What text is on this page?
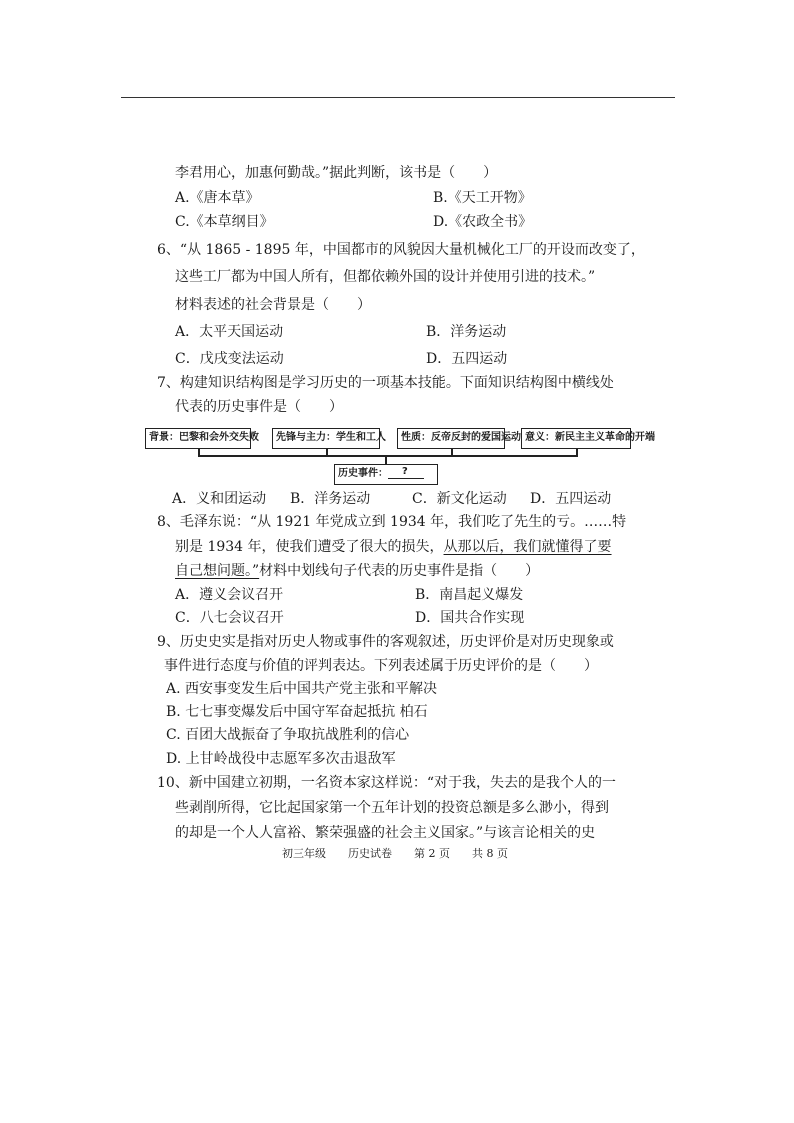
李君用心，加惠何勤哉。”据此判断，该书是（　　）
A.《唐本草》	B.《天工开物》
C.《本草纲目》	D.《农政全书》
6、“从 1865 - 1895 年，中国都市的风貌因大量机械化工厂的开设而改变了，
这些工厂都为中国人所有，但都依赖外国的设计并使用引进的技术。”
材料表述的社会背景是（　　）
A．太平天国运动	B．洋务运动
C．戊戌变法运动	D．五四运动
7、构建知识结构图是学习历史的一项基本技能。下面知识结构图中横线处
代表的历史事件是（　　）
背景：巴黎和会外交失败	先锋与主力：学生和工人	性质：反帝反封的爱国运动 意义：新民主主义革命的开端
历史事件： ?
A．义和团运动 B．洋务运动	C．新文化运动 D．五四运动
8、毛泽东说：“从 1921 年党成立到 1934 年，我们吃了先生的亏。……特
别是 1934 年，使我们遭受了很大的损失，从那以后，我们就懂得了要
自己想问题。”材料中划线句子代表的历史事件是指（　　）
A．遵义会议召开	B．南昌起义爆发
C．八七会议召开	D．国共合作实现
9、历史史实是指对历史人物或事件的客观叙述，历史评价是对历史现象或
事件进行态度与价值的评判表达。下列表述属于历史评价的是（　　）
A. 西安事变发生后中国共产党主张和平解决
B. 七七事变爆发后中国守军奋起抵抗 柏石
C. 百团大战振奋了争取抗战胜利的信心
D. 上甘岭战役中志愿军多次击退敌军
10、新中国建立初期，一名资本家这样说：“对于我，失去的是我个人的一
些剥削所得，它比起国家第一个五年计划的投资总额是多么渺小，得到
的却是一个人人富裕、繁荣强盛的社会主义国家。”与该言论相关的史
初三年级　　历史试卷　　第 2 页　　共 8 页
